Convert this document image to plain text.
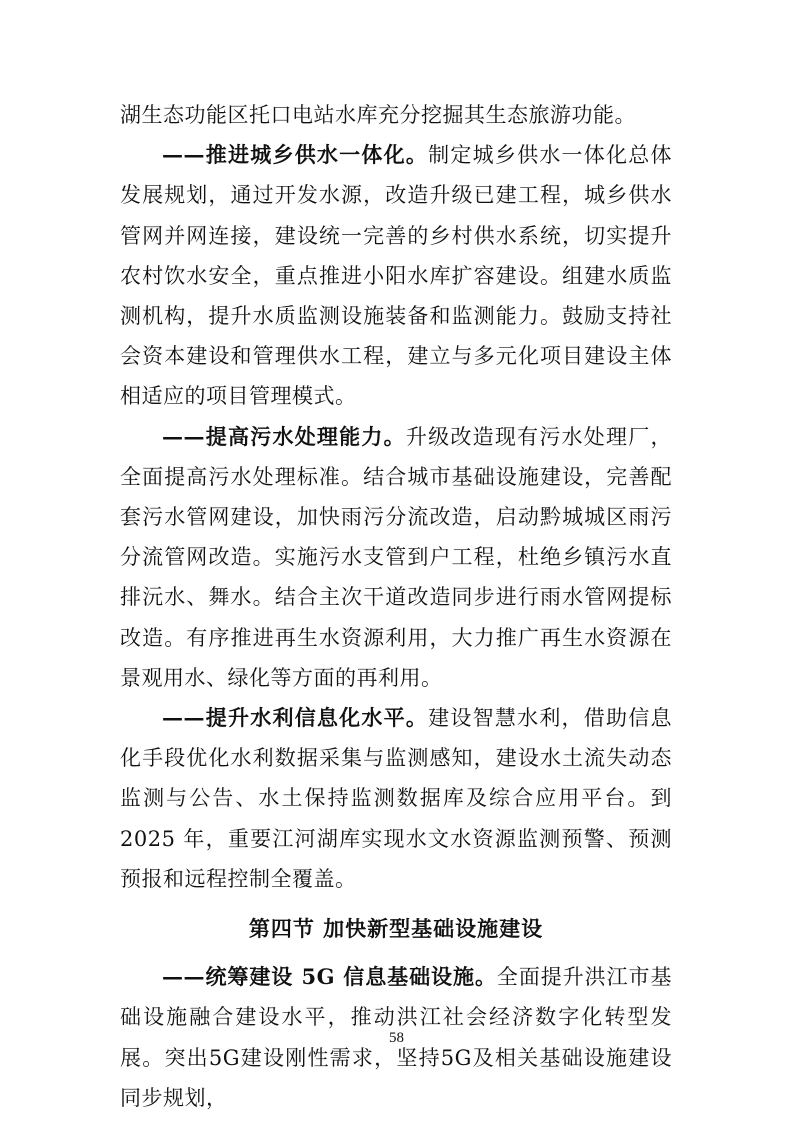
湖生态功能区托口电站水库充分挖掘其生态旅游功能。

——推进城乡供水一体化。制定城乡供水一体化总体发展规划，通过开发水源，改造升级已建工程，城乡供水管网并网连接，建设统一完善的乡村供水系统，切实提升农村饮水安全，重点推进小阳水库扩容建设。组建水质监测机构，提升水质监测设施装备和监测能力。鼓励支持社会资本建设和管理供水工程，建立与多元化项目建设主体相适应的项目管理模式。

——提高污水处理能力。升级改造现有污水处理厂，全面提高污水处理标准。结合城市基础设施建设，完善配套污水管网建设，加快雨污分流改造，启动黔城城区雨污分流管网改造。实施污水支管到户工程，杜绝乡镇污水直排沅水、舞水。结合主次干道改造同步进行雨水管网提标改造。有序推进再生水资源利用，大力推广再生水资源在景观用水、绿化等方面的再利用。

——提升水利信息化水平。建设智慧水利，借助信息化手段优化水利数据采集与监测感知，建设水土流失动态监测与公告、水土保持监测数据库及综合应用平台。到 2025 年，重要江河湖库实现水文水资源监测预警、预测预报和远程控制全覆盖。

第四节 加快新型基础设施建设

——统筹建设 5G 信息基础设施。全面提升洪江市基础设施融合建设水平，推动洪江社会经济数字化转型发展。突出5G建设刚性需求，坚持5G及相关基础设施建设同步规划，

58
